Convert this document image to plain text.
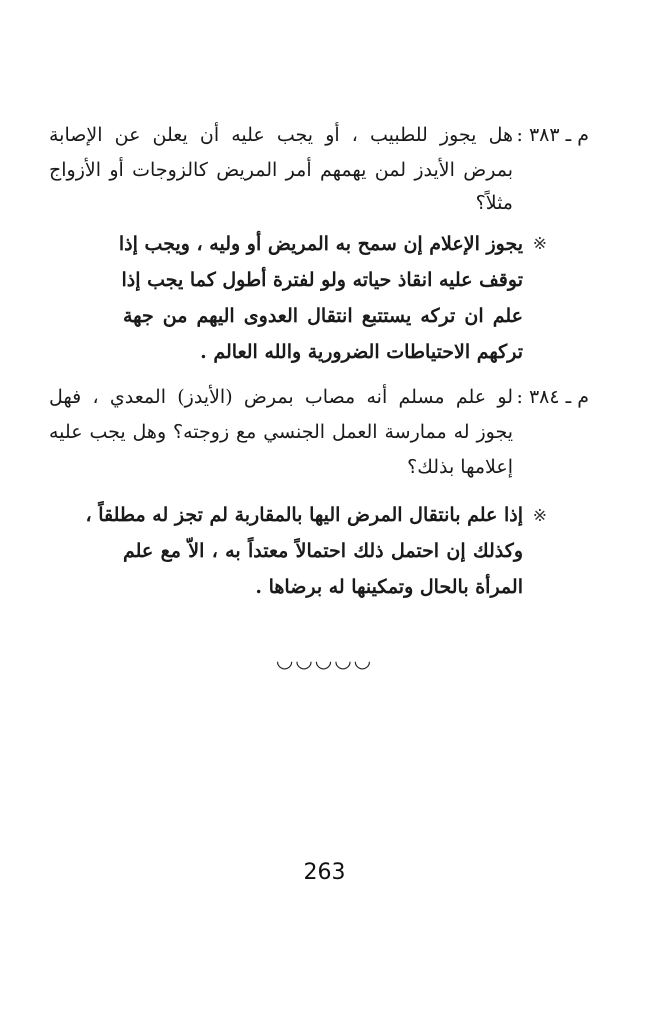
م ـ ٣٨٣ :
هل يجوز للطبيب ، أو يجب عليه أن يعلن عن الإصابة
بمرض الأيدز لمن يهمهم أمر المريض كالزوجات أو الأزواج
مثلاً؟
※
يجوز الإعلام إن سمح به المريض أو وليه ، ويجب إذا
توقف عليه انقاذ حياته ولو لفترة أطول كما يجب إذا
علم ان تركه يستتبع انتقال العدوى اليهم من جهة
تركهم الاحتياطات الضرورية والله العالم .
م ـ ٣٨٤ :
لو علم مسلم أنه مصاب بمرض (الأيدز) المعدي ، فهل
يجوز له ممارسة العمل الجنسي مع زوجته؟ وهل يجب عليه
إعلامها بذلك؟
※
إذا علم بانتقال المرض اليها بالمقاربة لم تجز له مطلقاً ،
وكذلك إن احتمل ذلك احتمالاً معتداً به ، الاّ مع علم
المرأة بالحال وتمكينها له برضاها .
◡◡◡◡◡
263
